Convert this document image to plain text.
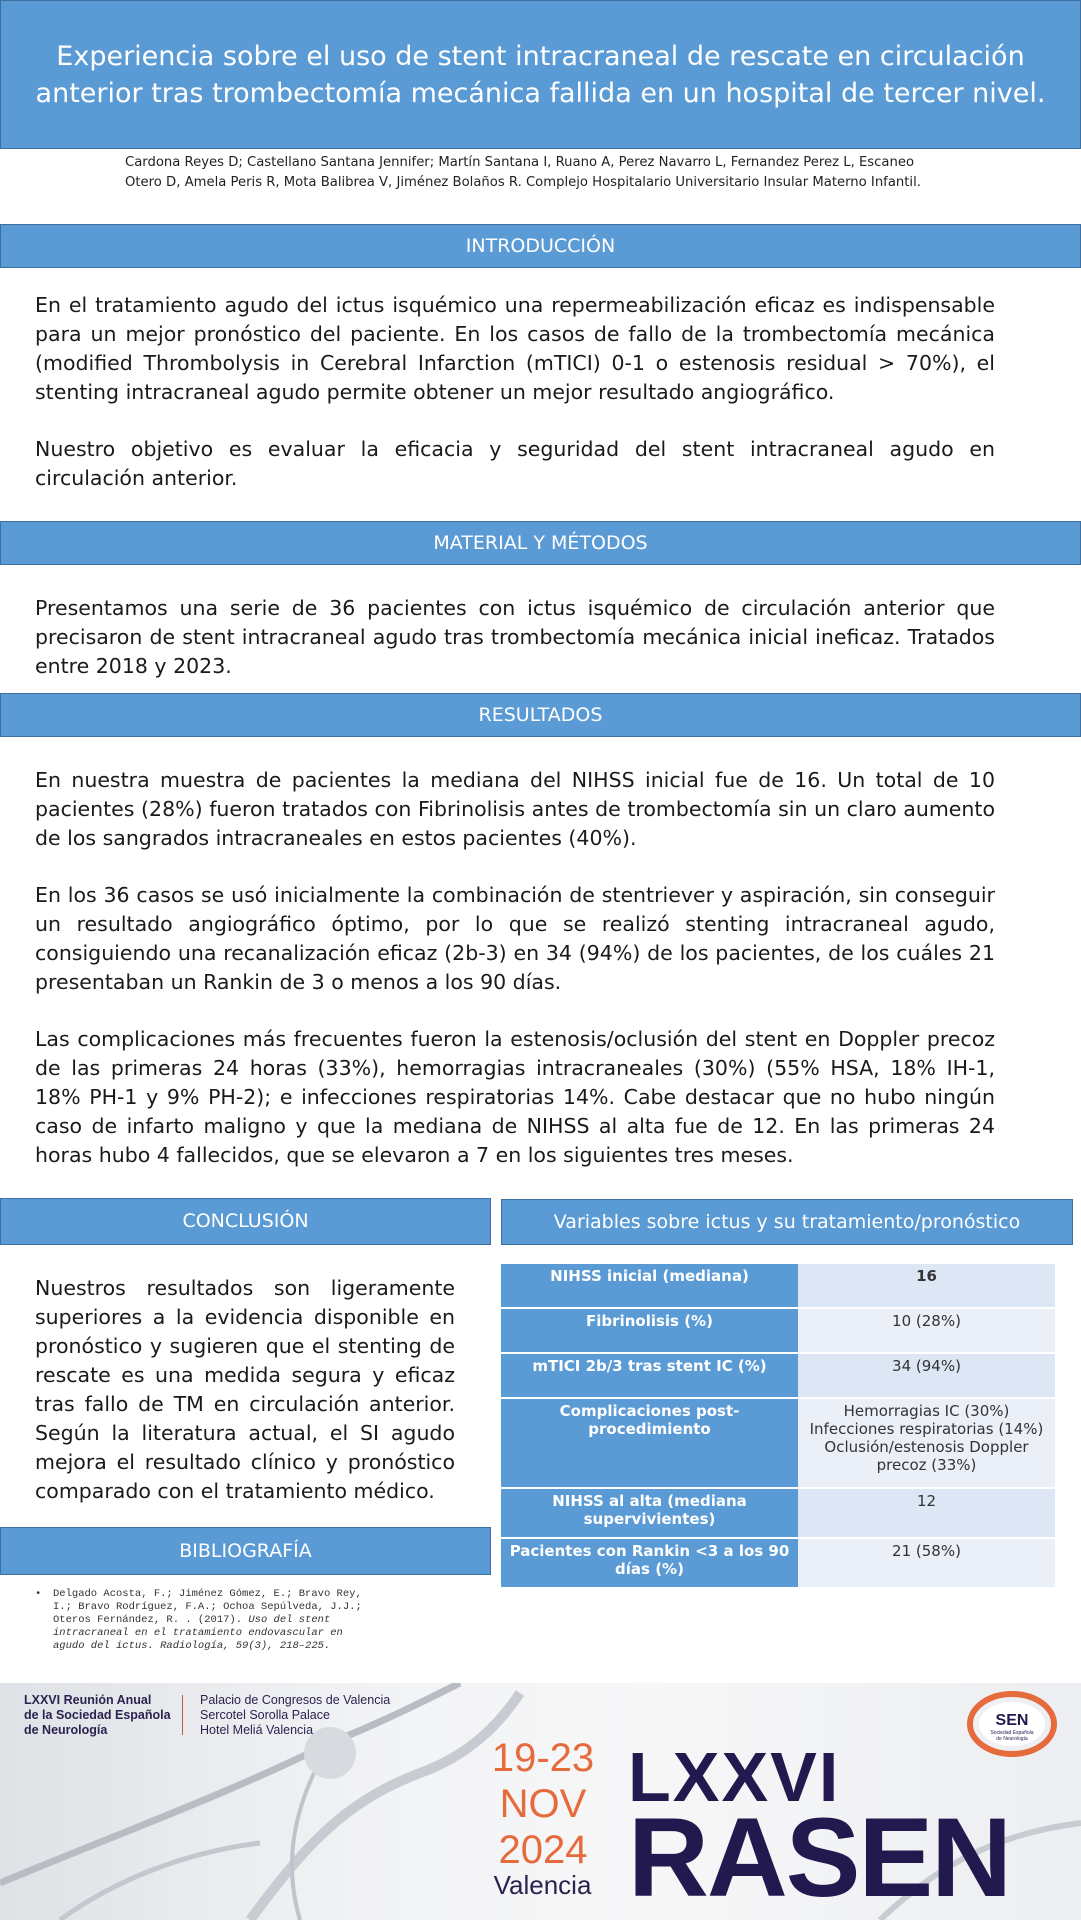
Experiencia sobre el uso de stent intracraneal de rescate en circulación anterior tras trombectomía mecánica fallida en un hospital de tercer nivel.
Cardona Reyes D; Castellano Santana Jennifer; Martín Santana I, Ruano A, Perez Navarro L, Fernandez Perez L, Escaneo Otero D, Amela Peris R, Mota Balibrea V, Jiménez Bolaños R. Complejo Hospitalario Universitario Insular Materno Infantil.
INTRODUCCIÓN

En el tratamiento agudo del ictus isquémico una repermeabilización eficaz es indispensable para un mejor pronóstico del paciente. En los casos de fallo de la trombectomía mecánica (modified Thrombolysis in Cerebral Infarction (mTICI) 0-1 o estenosis residual > 70%), el stenting intracraneal agudo permite obtener un mejor resultado angiográfico.

Nuestro objetivo es evaluar la eficacia y seguridad del stent intracraneal agudo en circulación anterior.

MATERIAL Y MÉTODOS

Presentamos una serie de 36 pacientes con ictus isquémico de circulación anterior que precisaron de stent intracraneal agudo tras trombectomía mecánica inicial ineficaz. Tratados entre 2018 y 2023.

RESULTADOS

En nuestra muestra de pacientes la mediana del NIHSS inicial fue de 16. Un total de 10 pacientes (28%) fueron tratados con Fibrinolisis antes de trombectomía sin un claro aumento de los sangrados intracraneales en estos pacientes (40%).

En los 36 casos se usó inicialmente la combinación de stentriever y aspiración, sin conseguir un resultado angiográfico óptimo, por lo que se realizó stenting intracraneal agudo, consiguiendo una recanalización eficaz (2b-3) en 34 (94%) de los pacientes, de los cuáles 21 presentaban un Rankin de 3 o menos a los 90 días.

Las complicaciones más frecuentes fueron la estenosis/oclusión del stent en Doppler precoz de las primeras 24 horas (33%), hemorragias intracraneales (30%) (55% HSA, 18% IH-1, 18% PH-1 y 9% PH-2); e infecciones respiratorias 14%. Cabe destacar que no hubo ningún caso de infarto maligno y que la mediana de NIHSS al alta fue de 12. En las primeras 24 horas hubo 4 fallecidos, que se elevaron a 7 en los siguientes tres meses.

CONCLUSIÓN
Nuestros resultados son ligeramente superiores a la evidencia disponible en pronóstico y sugieren que el stenting de rescate es una medida segura y eficaz tras fallo de TM en circulación anterior. Según la literatura actual, el SI agudo mejora el resultado clínico y pronóstico comparado con el tratamiento médico.
Variables sobre ictus y su tratamiento/pronóstico
NIHSS inicial (mediana)	16
Fibrinolisis (%)	10 (28%)
mTICI 2b/3 tras stent IC (%)	34 (94%)
Complicaciones post-procedimiento	Hemorragias IC (30%)
Infecciones respiratorias (14%)
Oclusión/estenosis Doppler precoz (33%)
NIHSS al alta (mediana supervivientes)	12
Pacientes con Rankin <3 a los 90 días (%)	21 (58%)
BIBLIOGRAFÍA
• Delgado Acosta, F.; Jiménez Gómez, E.; Bravo Rey, I.; Bravo Rodríguez, F.A.; Ochoa Sepúlveda, J.J.; Oteros Fernández, R. . (2017). Uso del stent intracraneal en el tratamiento endovascular en agudo del ictus. Radiología, 59(3), 218–225.
LXXVI Reunión Anual
de la Sociedad Española
de Neurología
Palacio de Congresos de Valencia
Sercotel Sorolla Palace
Hotel Meliá Valencia
19-23
NOV
2024
Valencia
LXXVI
RASEN
SEN
Sociedad Española
de Neurología
